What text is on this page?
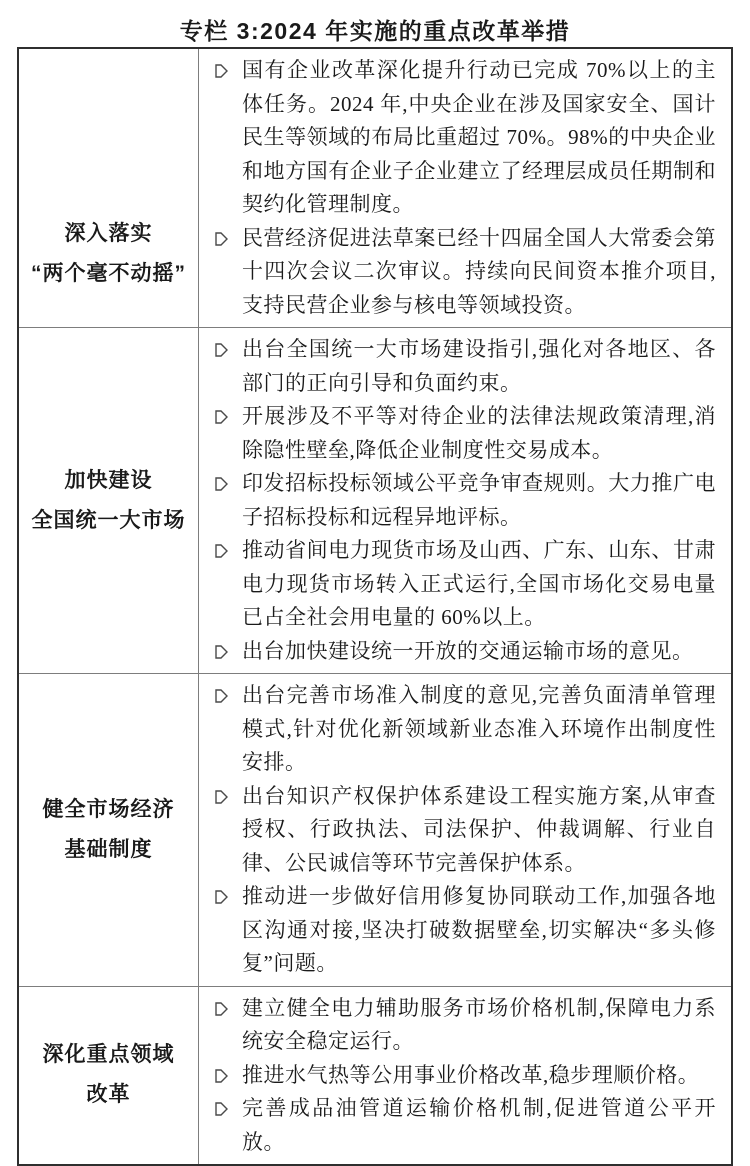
专栏 3:2024 年实施的重点改革举措
深入落实
“两个毫不动摇”
国有企业改革深化提升行动已完成 70%以上的主体任务。2024 年,中央企业在涉及国家安全、国计民生等领域的布局比重超过 70%。98%的中央企业和地方国有企业子企业建立了经理层成员任期制和契约化管理制度。
民营经济促进法草案已经十四届全国人大常委会第十四次会议二次审议。持续向民间资本推介项目,支持民营企业参与核电等领域投资。
加快建设
全国统一大市场
出台全国统一大市场建设指引,强化对各地区、各部门的正向引导和负面约束。
开展涉及不平等对待企业的法律法规政策清理,消除隐性壁垒,降低企业制度性交易成本。
印发招标投标领域公平竞争审查规则。大力推广电子招标投标和远程异地评标。
推动省间电力现货市场及山西、广东、山东、甘肃电力现货市场转入正式运行,全国市场化交易电量已占全社会用电量的 60%以上。
出台加快建设统一开放的交通运输市场的意见。
健全市场经济
基础制度
出台完善市场准入制度的意见,完善负面清单管理模式,针对优化新领域新业态准入环境作出制度性安排。
出台知识产权保护体系建设工程实施方案,从审查授权、行政执法、司法保护、仲裁调解、行业自律、公民诚信等环节完善保护体系。
推动进一步做好信用修复协同联动工作,加强各地区沟通对接,坚决打破数据壁垒,切实解决“多头修复”问题。
深化重点领域
改革
建立健全电力辅助服务市场价格机制,保障电力系统安全稳定运行。
推进水气热等公用事业价格改革,稳步理顺价格。
完善成品油管道运输价格机制,促进管道公平开放。
